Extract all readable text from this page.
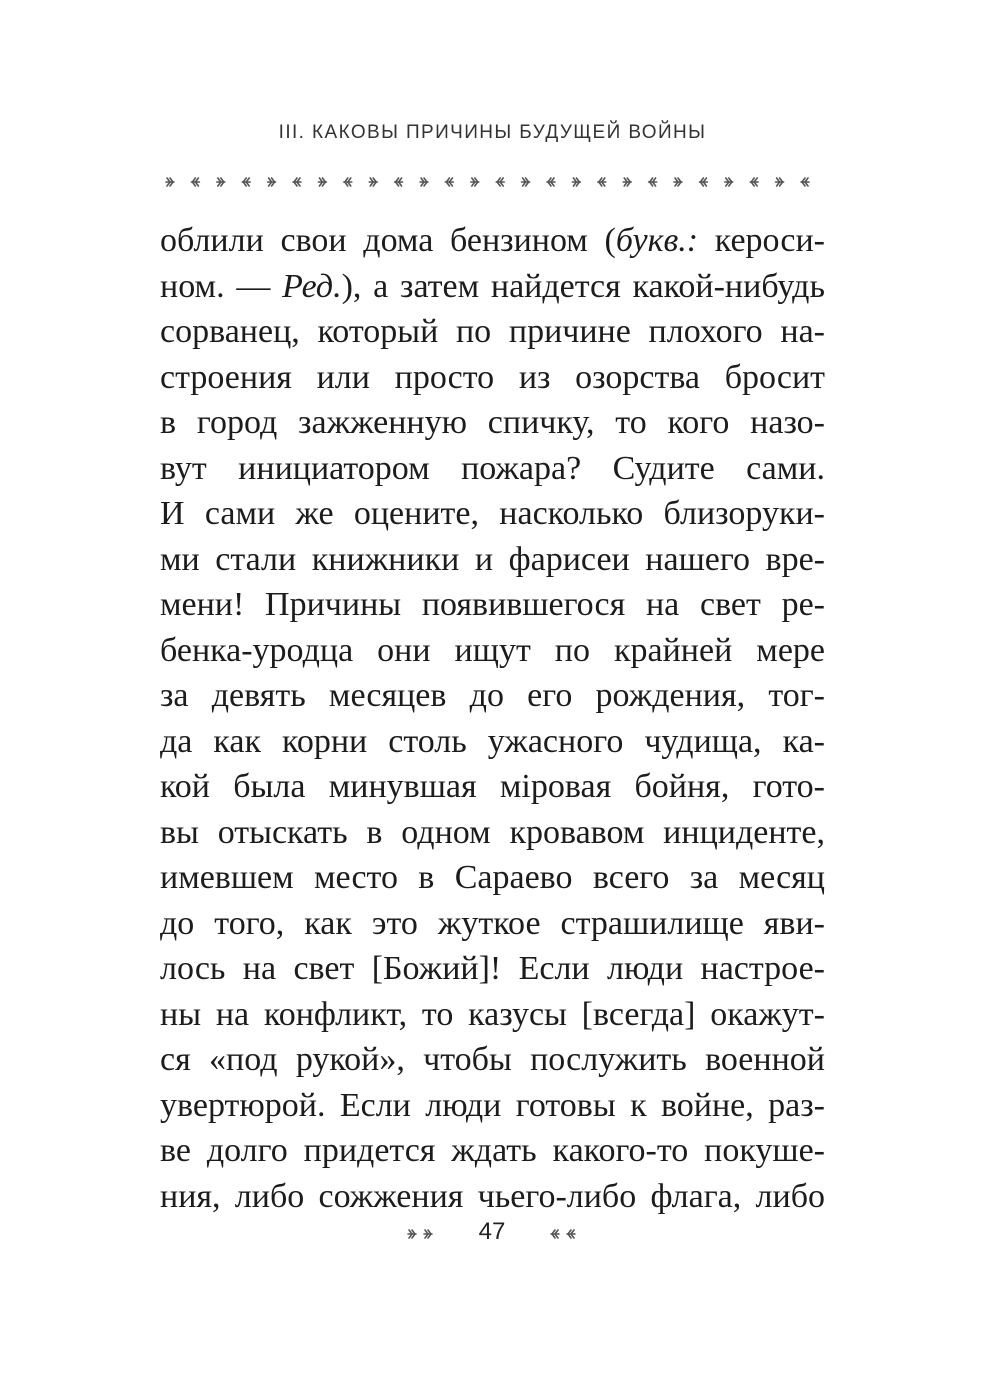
III. КАКОВЫ ПРИЧИНЫ БУДУЩЕЙ ВОЙНЫ
облили свои дома бензином (букв.: кероси-
ном. — Ред.), а затем найдется какой-нибудь
сорванец, который по причине плохого на-
строения или просто из озорства бросит
в город зажженную спичку, то кого назо-
вут инициатором пожара? Судите сами.
И сами же оцените, насколько близоруки-
ми стали книжники и фарисеи нашего вре-
мени! Причины появившегося на свет ре-
бенка-уродца они ищут по крайней мере
за девять месяцев до его рождения, тог-
да как корни столь ужасного чудища, ка-
кой была минувшая мiровая бойня, гото-
вы отыскать в одном кровавом инциденте,
имевшем место в Сараево всего за месяц
до того, как это жуткое страшилище яви-
лось на свет [Божий]! Если люди настрое-
ны на конфликт, то казусы [всегда] окажут-
ся «под рукой», чтобы послужить военной
увертюрой. Если люди готовы к войне, раз-
ве долго придется ждать какого-то покуше-
ния, либо сожжения чьего-либо флага, либо
47
